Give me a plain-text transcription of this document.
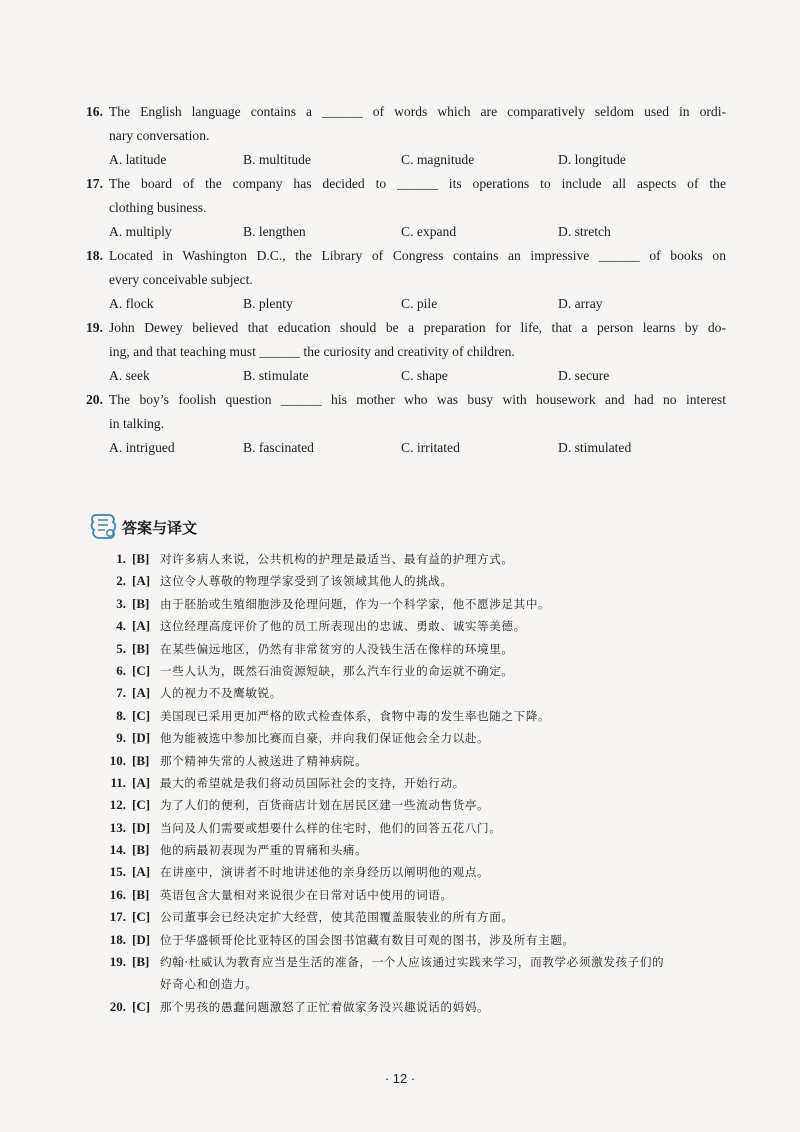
16. The English language contains a ______ of words which are comparatively seldom used in ordi-
nary conversation.
A. latitude	B. multitude	C. magnitude	D. longitude
17. The board of the company has decided to ______ its operations to include all aspects of the
clothing business.
A. multiply	B. lengthen	C. expand	D. stretch
18. Located in Washington D.C., the Library of Congress contains an impressive ______ of books on
every conceivable subject.
A. flock	B. plenty	C. pile	D. array
19. John Dewey believed that education should be a preparation for life, that a person learns by do-
ing, and that teaching must ______ the curiosity and creativity of children.
A. seek	B. stimulate	C. shape	D. secure
20. The boy’s foolish question ______ his mother who was busy with housework and had no interest
in talking.
A. intrigued	B. fascinated	C. irritated	D. stimulated
答案与译文
1. [B] 对许多病人来说，公共机构的护理是最适当、最有益的护理方式。
2. [A] 这位令人尊敬的物理学家受到了该领域其他人的挑战。
3. [B] 由于胚胎或生殖细胞涉及伦理问题，作为一个科学家，他不愿涉足其中。
4. [A] 这位经理高度评价了他的员工所表现出的忠诚、勇敢、诚实等美德。
5. [B] 在某些偏远地区，仍然有非常贫穷的人没钱生活在像样的环境里。
6. [C] 一些人认为，既然石油资源短缺，那么汽车行业的命运就不确定。
7. [A] 人的视力不及鹰敏锐。
8. [C] 美国现已采用更加严格的欧式检查体系，食物中毒的发生率也随之下降。
9. [D] 他为能被选中参加比赛而自豪，并向我们保证他会全力以赴。
10. [B] 那个精神失常的人被送进了精神病院。
11. [A] 最大的希望就是我们将动员国际社会的支持，开始行动。
12. [C] 为了人们的便利，百货商店计划在居民区建一些流动售货亭。
13. [D] 当问及人们需要或想要什么样的住宅时，他们的回答五花八门。
14. [B] 他的病最初表现为严重的胃痛和头痛。
15. [A] 在讲座中，演讲者不时地讲述他的亲身经历以阐明他的观点。
16. [B] 英语包含大量相对来说很少在日常对话中使用的词语。
17. [C] 公司董事会已经决定扩大经营，使其范围覆盖服装业的所有方面。
18. [D] 位于华盛顿哥伦比亚特区的国会图书馆藏有数目可观的图书，涉及所有主题。
19. [B] 约翰·杜威认为教育应当是生活的准备，一个人应该通过实践来学习，而教学必须激发孩子们的
好奇心和创造力。
20. [C] 那个男孩的愚蠢问题激怒了正忙着做家务没兴趣说话的妈妈。
· 12 ·
